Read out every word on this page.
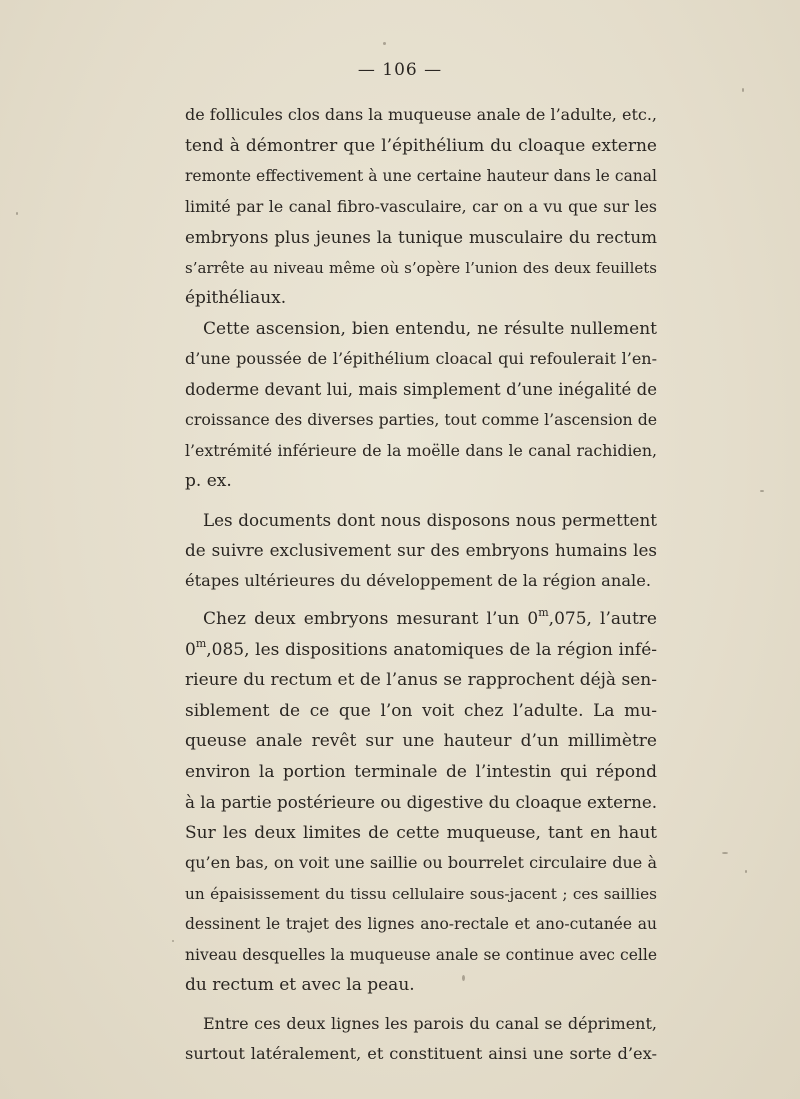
— 106 —
de follicules clos dans la muqueuse anale de l’adulte, etc.,
tend à démontrer que l’épithélium du cloaque externe
remonte effectivement à une certaine hauteur dans le canal
limité par le canal fibro-vasculaire, car on a vu que sur les
embryons plus jeunes la tunique musculaire du rectum
s’arrête au niveau même où s’opère l’union des deux feuillets
épithéliaux.
Cette ascension, bien entendu, ne résulte nullement
d’une poussée de l’épithélium cloacal qui refoulerait l’en-
doderme devant lui, mais simplement d’une inégalité de
croissance des diverses parties, tout comme l’ascension de
l’extrémité inférieure de la moëlle dans le canal rachidien,
p. ex.
Les documents dont nous disposons nous permettent
de suivre exclusivement sur des embryons humains les
étapes ultérieures du développement de la région anale.
Chez deux embryons mesurant l’un 0$^m$,075, l’autre
0$^m$,085, les dispositions anatomiques de la région infé-
rieure du rectum et de l’anus se rapprochent déjà sen-
siblement de ce que l’on voit chez l’adulte. La mu-
queuse anale revêt sur une hauteur d’un millimètre
environ la portion terminale de l’intestin qui répond
à la partie postérieure ou digestive du cloaque externe.
Sur les deux limites de cette muqueuse, tant en haut
qu’en bas, on voit une saillie ou bourrelet circulaire due à
un épaisissement du tissu cellulaire sous-jacent ; ces saillies
dessinent le trajet des lignes ano-rectale et ano-cutanée au
niveau desquelles la muqueuse anale se continue avec celle
du rectum et avec la peau.
Entre ces deux lignes les parois du canal se dépriment,
surtout latéralement, et constituent ainsi une sorte d’ex-
